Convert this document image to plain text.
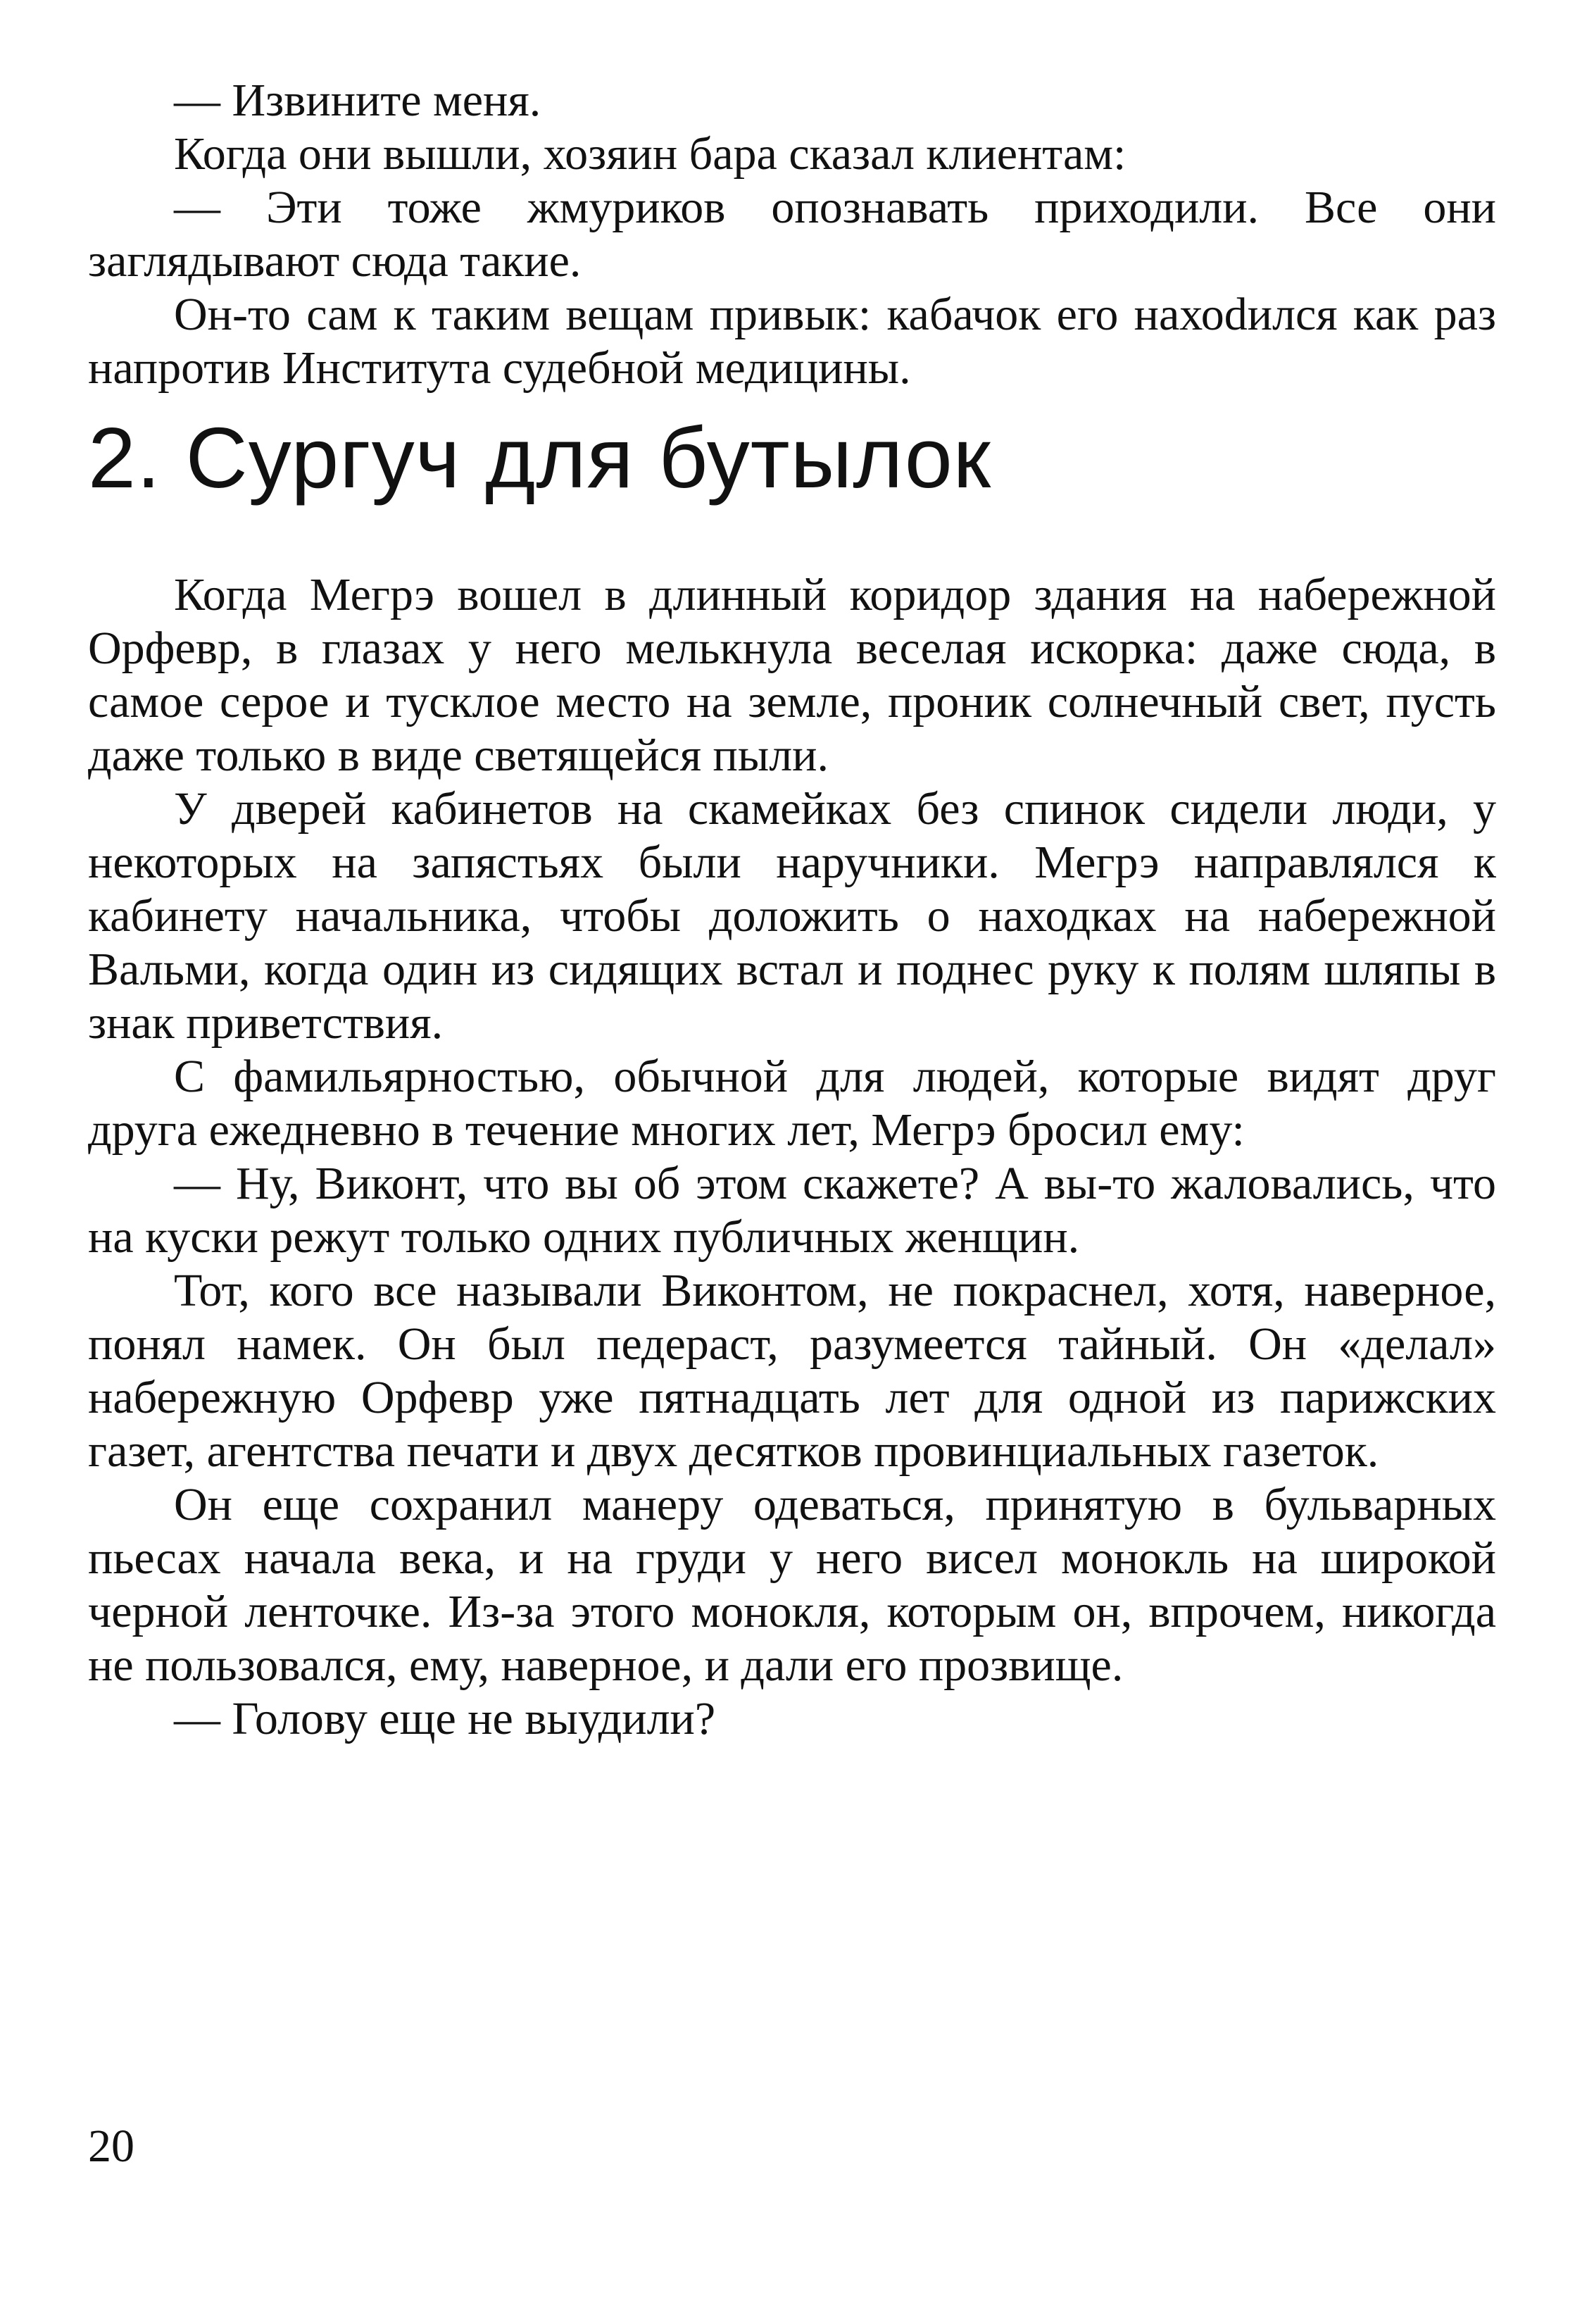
— Извините меня.

Когда они вышли, хозяин бара сказал клиентам:

— Эти тоже жмуриков опознавать приходили. Все они заглядывают сюда такие.

Он-то сам к таким вещам привык: кабачок его нахоdился как раз напротив Института судебной медицины.

2. Сургуч для бутылок

Когда Мегрэ вошел в длинный коридор здания на набережной Орфевр, в глазах у него мелькнула веселая искорка: даже сюда, в самое серое и тусклое место на земле, проник солнечный свет, пусть даже только в виде светящейся пыли.

У дверей кабинетов на скамейках без спинок сидели люди, у некоторых на запястьях были наручники. Мегрэ направлялся к кабинету начальника, чтобы доложить о находках на набережной Вальми, когда один из сидящих встал и поднес руку к полям шляпы в знак приветствия.

С фамильярностью, обычной для людей, которые видят друг друга ежедневно в течение многих лет, Мегрэ бросил ему:

— Ну, Виконт, что вы об этом скажете? А вы-то жаловались, что на куски режут только одних публичных женщин.

Тот, кого все называли Виконтом, не покраснел, хотя, наверное, понял намек. Он был педераст, разумеется тайный. Он «делал» набережную Орфевр уже пятнадцать лет для одной из парижских газет, агентства печати и двух десятков провинциальных газеток.

Он еще сохранил манеру одеваться, принятую в бульварных пьесах начала века, и на груди у него висел монокль на широкой черной ленточке. Из-за этого монокля, которым он, впрочем, никогда не пользовался, ему, наверное, и дали его прозвище.

— Голову еще не выудили?

20
